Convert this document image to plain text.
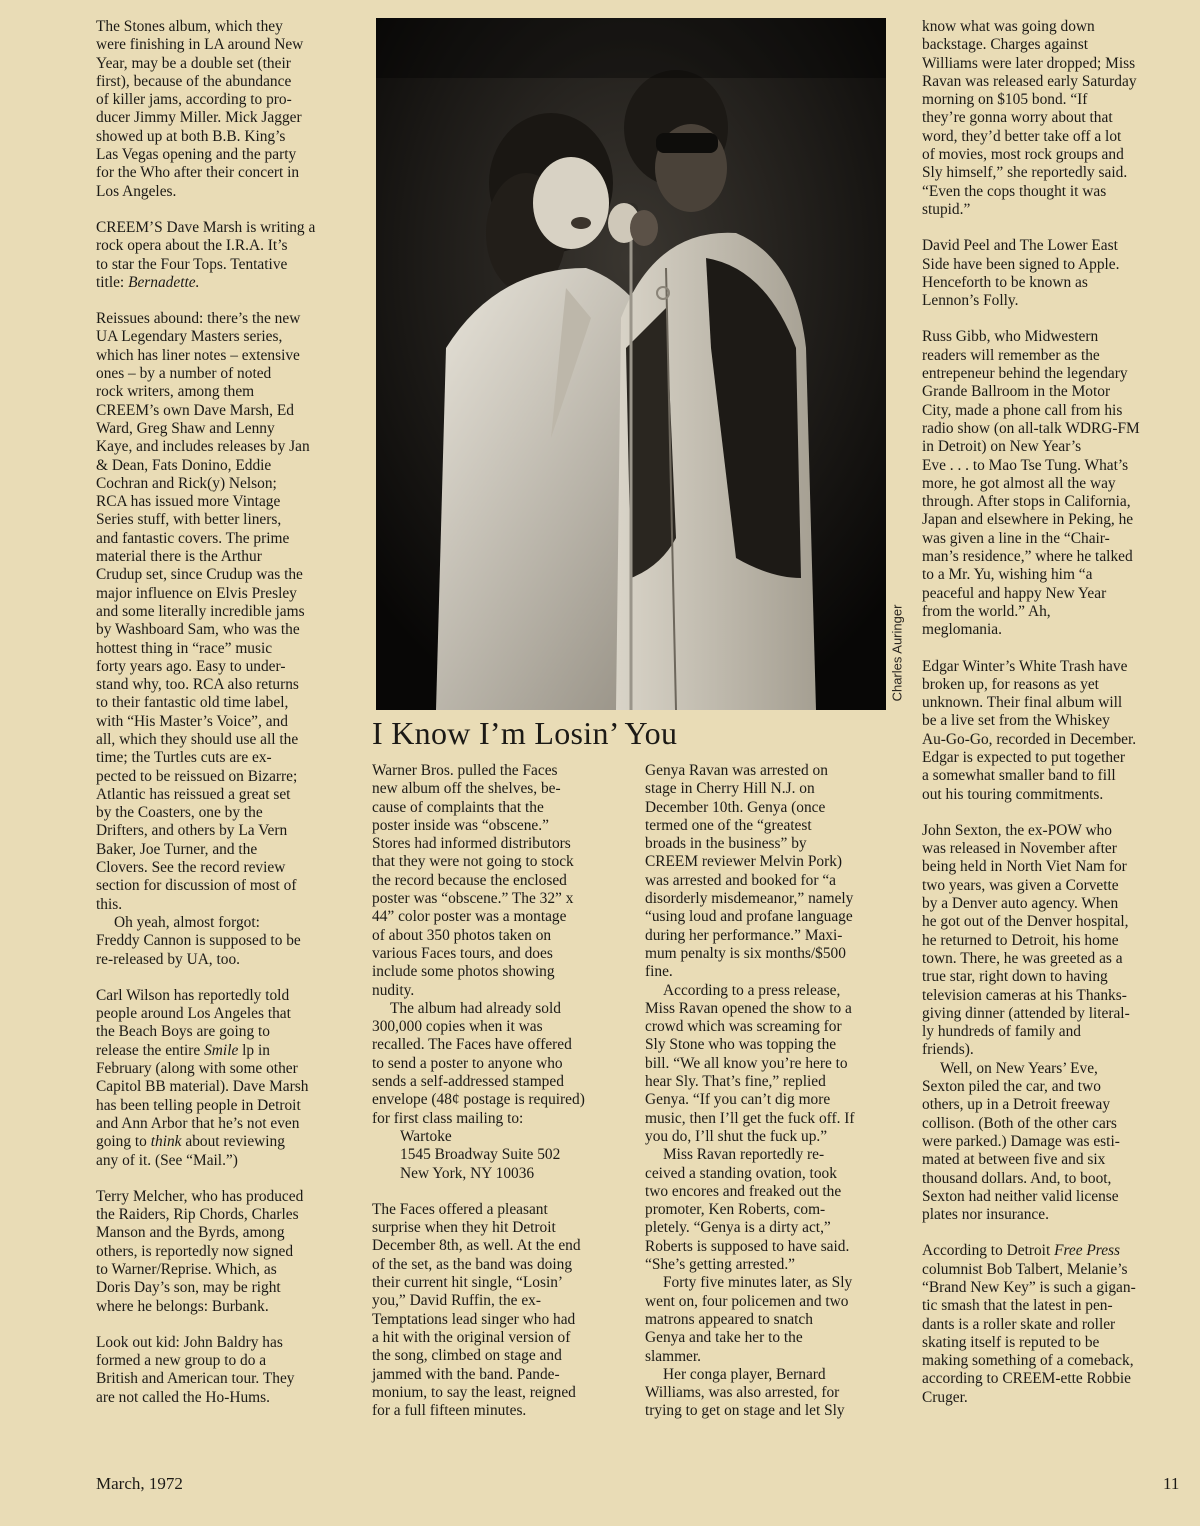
The Stones album, which they
were finishing in LA around New
Year, may be a double set (their
first), because of the abundance
of killer jams, according to pro-
ducer Jimmy Miller. Mick Jagger
showed up at both B.B. King’s
Las Vegas opening and the party
for the Who after their concert in
Los Angeles.

CREEM’S Dave Marsh is writing a
rock opera about the I.R.A. It’s
to star the Four Tops. Tentative
title: Bernadette.

Reissues abound: there’s the new
UA Legendary Masters series,
which has liner notes – extensive
ones – by a number of noted
rock writers, among them
CREEM’s own Dave Marsh, Ed
Ward, Greg Shaw and Lenny
Kaye, and includes releases by Jan
& Dean, Fats Donino, Eddie
Cochran and Rick(y) Nelson;
RCA has issued more Vintage
Series stuff, with better liners,
and fantastic covers. The prime
material there is the Arthur
Crudup set, since Crudup was the
major influence on Elvis Presley
and some literally incredible jams
by Washboard Sam, who was the
hottest thing in “race” music
forty years ago. Easy to under-
stand why, too. RCA also returns
to their fantastic old time label,
with “His Master’s Voice”, and
all, which they should use all the
time; the Turtles cuts are ex-
pected to be reissued on Bizarre;
Atlantic has reissued a great set
by the Coasters, one by the
Drifters, and others by La Vern
Baker, Joe Turner, and the
Clovers. See the record review
section for discussion of most of
this.

Oh yeah, almost forgot:
Freddy Cannon is supposed to be
re-released by UA, too.

Carl Wilson has reportedly told
people around Los Angeles that
the Beach Boys are going to
release the entire Smile lp in
February (along with some other
Capitol BB material). Dave Marsh
has been telling people in Detroit
and Ann Arbor that he’s not even
going to think about reviewing
any of it. (See “Mail.”)

Terry Melcher, who has produced
the Raiders, Rip Chords, Charles
Manson and the Byrds, among
others, is reportedly now signed
to Warner/Reprise. Which, as
Doris Day’s son, may be right
where he belongs: Burbank.

Look out kid: John Baldry has
formed a new group to do a
British and American tour. They
are not called the Ho-Hums.

Charles Auringer
I Know I’m Losin’ You

Warner Bros. pulled the Faces
new album off the shelves, be-
cause of complaints that the
poster inside was “obscene.”
Stores had informed distributors
that they were not going to stock
the record because the enclosed
poster was “obscene.” The 32” x
44” color poster was a montage
of about 350 photos taken on
various Faces tours, and does
include some photos showing
nudity.

The album had already sold
300,000 copies when it was
recalled. The Faces have offered
to send a poster to anyone who
sends a self-addressed stamped
envelope (48¢ postage is required)
for first class mailing to:

Wartoke
1545 Broadway Suite 502
New York, NY 10036

The Faces offered a pleasant
surprise when they hit Detroit
December 8th, as well. At the end
of the set, as the band was doing
their current hit single, “Losin’
you,” David Ruffin, the ex-
Temptations lead singer who had
a hit with the original version of
the song, climbed on stage and
jammed with the band. Pande-
monium, to say the least, reigned
for a full fifteen minutes.

Genya Ravan was arrested on
stage in Cherry Hill N.J. on
December 10th. Genya (once
termed one of the “greatest
broads in the business” by
CREEM reviewer Melvin Pork)
was arrested and booked for “a
disorderly misdemeanor,” namely
“using loud and profane language
during her performance.” Maxi-
mum penalty is six months/$500
fine.

According to a press release,
Miss Ravan opened the show to a
crowd which was screaming for
Sly Stone who was topping the
bill. “We all know you’re here to
hear Sly. That’s fine,” replied
Genya. “If you can’t dig more
music, then I’ll get the fuck off. If
you do, I’ll shut the fuck up.”

Miss Ravan reportedly re-
ceived a standing ovation, took
two encores and freaked out the
promoter, Ken Roberts, com-
pletely. “Genya is a dirty act,”
Roberts is supposed to have said.
“She’s getting arrested.”

Forty five minutes later, as Sly
went on, four policemen and two
matrons appeared to snatch
Genya and take her to the
slammer.

Her conga player, Bernard
Williams, was also arrested, for
trying to get on stage and let Sly

know what was going down
backstage. Charges against
Williams were later dropped; Miss
Ravan was released early Saturday
morning on $105 bond. “If
they’re gonna worry about that
word, they’d better take off a lot
of movies, most rock groups and
Sly himself,” she reportedly said.
“Even the cops thought it was
stupid.”

David Peel and The Lower East
Side have been signed to Apple.
Henceforth to be known as
Lennon’s Folly.

Russ Gibb, who Midwestern
readers will remember as the
entrepeneur behind the legendary
Grande Ballroom in the Motor
City, made a phone call from his
radio show (on all-talk WDRG-FM
in Detroit) on New Year’s
Eve . . . to Mao Tse Tung. What’s
more, he got almost all the way
through. After stops in California,
Japan and elsewhere in Peking, he
was given a line in the “Chair-
man’s residence,” where he talked
to a Mr. Yu, wishing him “a
peaceful and happy New Year
from the world.” Ah,
meglomania.

Edgar Winter’s White Trash have
broken up, for reasons as yet
unknown. Their final album will
be a live set from the Whiskey
Au-Go-Go, recorded in December.
Edgar is expected to put together
a somewhat smaller band to fill
out his touring commitments.

John Sexton, the ex-POW who
was released in November after
being held in North Viet Nam for
two years, was given a Corvette
by a Denver auto agency. When
he got out of the Denver hospital,
he returned to Detroit, his home
town. There, he was greeted as a
true star, right down to having
television cameras at his Thanks-
giving dinner (attended by literal-
ly hundreds of family and
friends).

Well, on New Years’ Eve,
Sexton piled the car, and two
others, up in a Detroit freeway
collison. (Both of the other cars
were parked.) Damage was esti-
mated at between five and six
thousand dollars. And, to boot,
Sexton had neither valid license
plates nor insurance.

According to Detroit Free Press
columnist Bob Talbert, Melanie’s
“Brand New Key” is such a gigan-
tic smash that the latest in pen-
dants is a roller skate and roller
skating itself is reputed to be
making something of a comeback,
according to CREEM-ette Robbie
Cruger.

March, 1972	11
